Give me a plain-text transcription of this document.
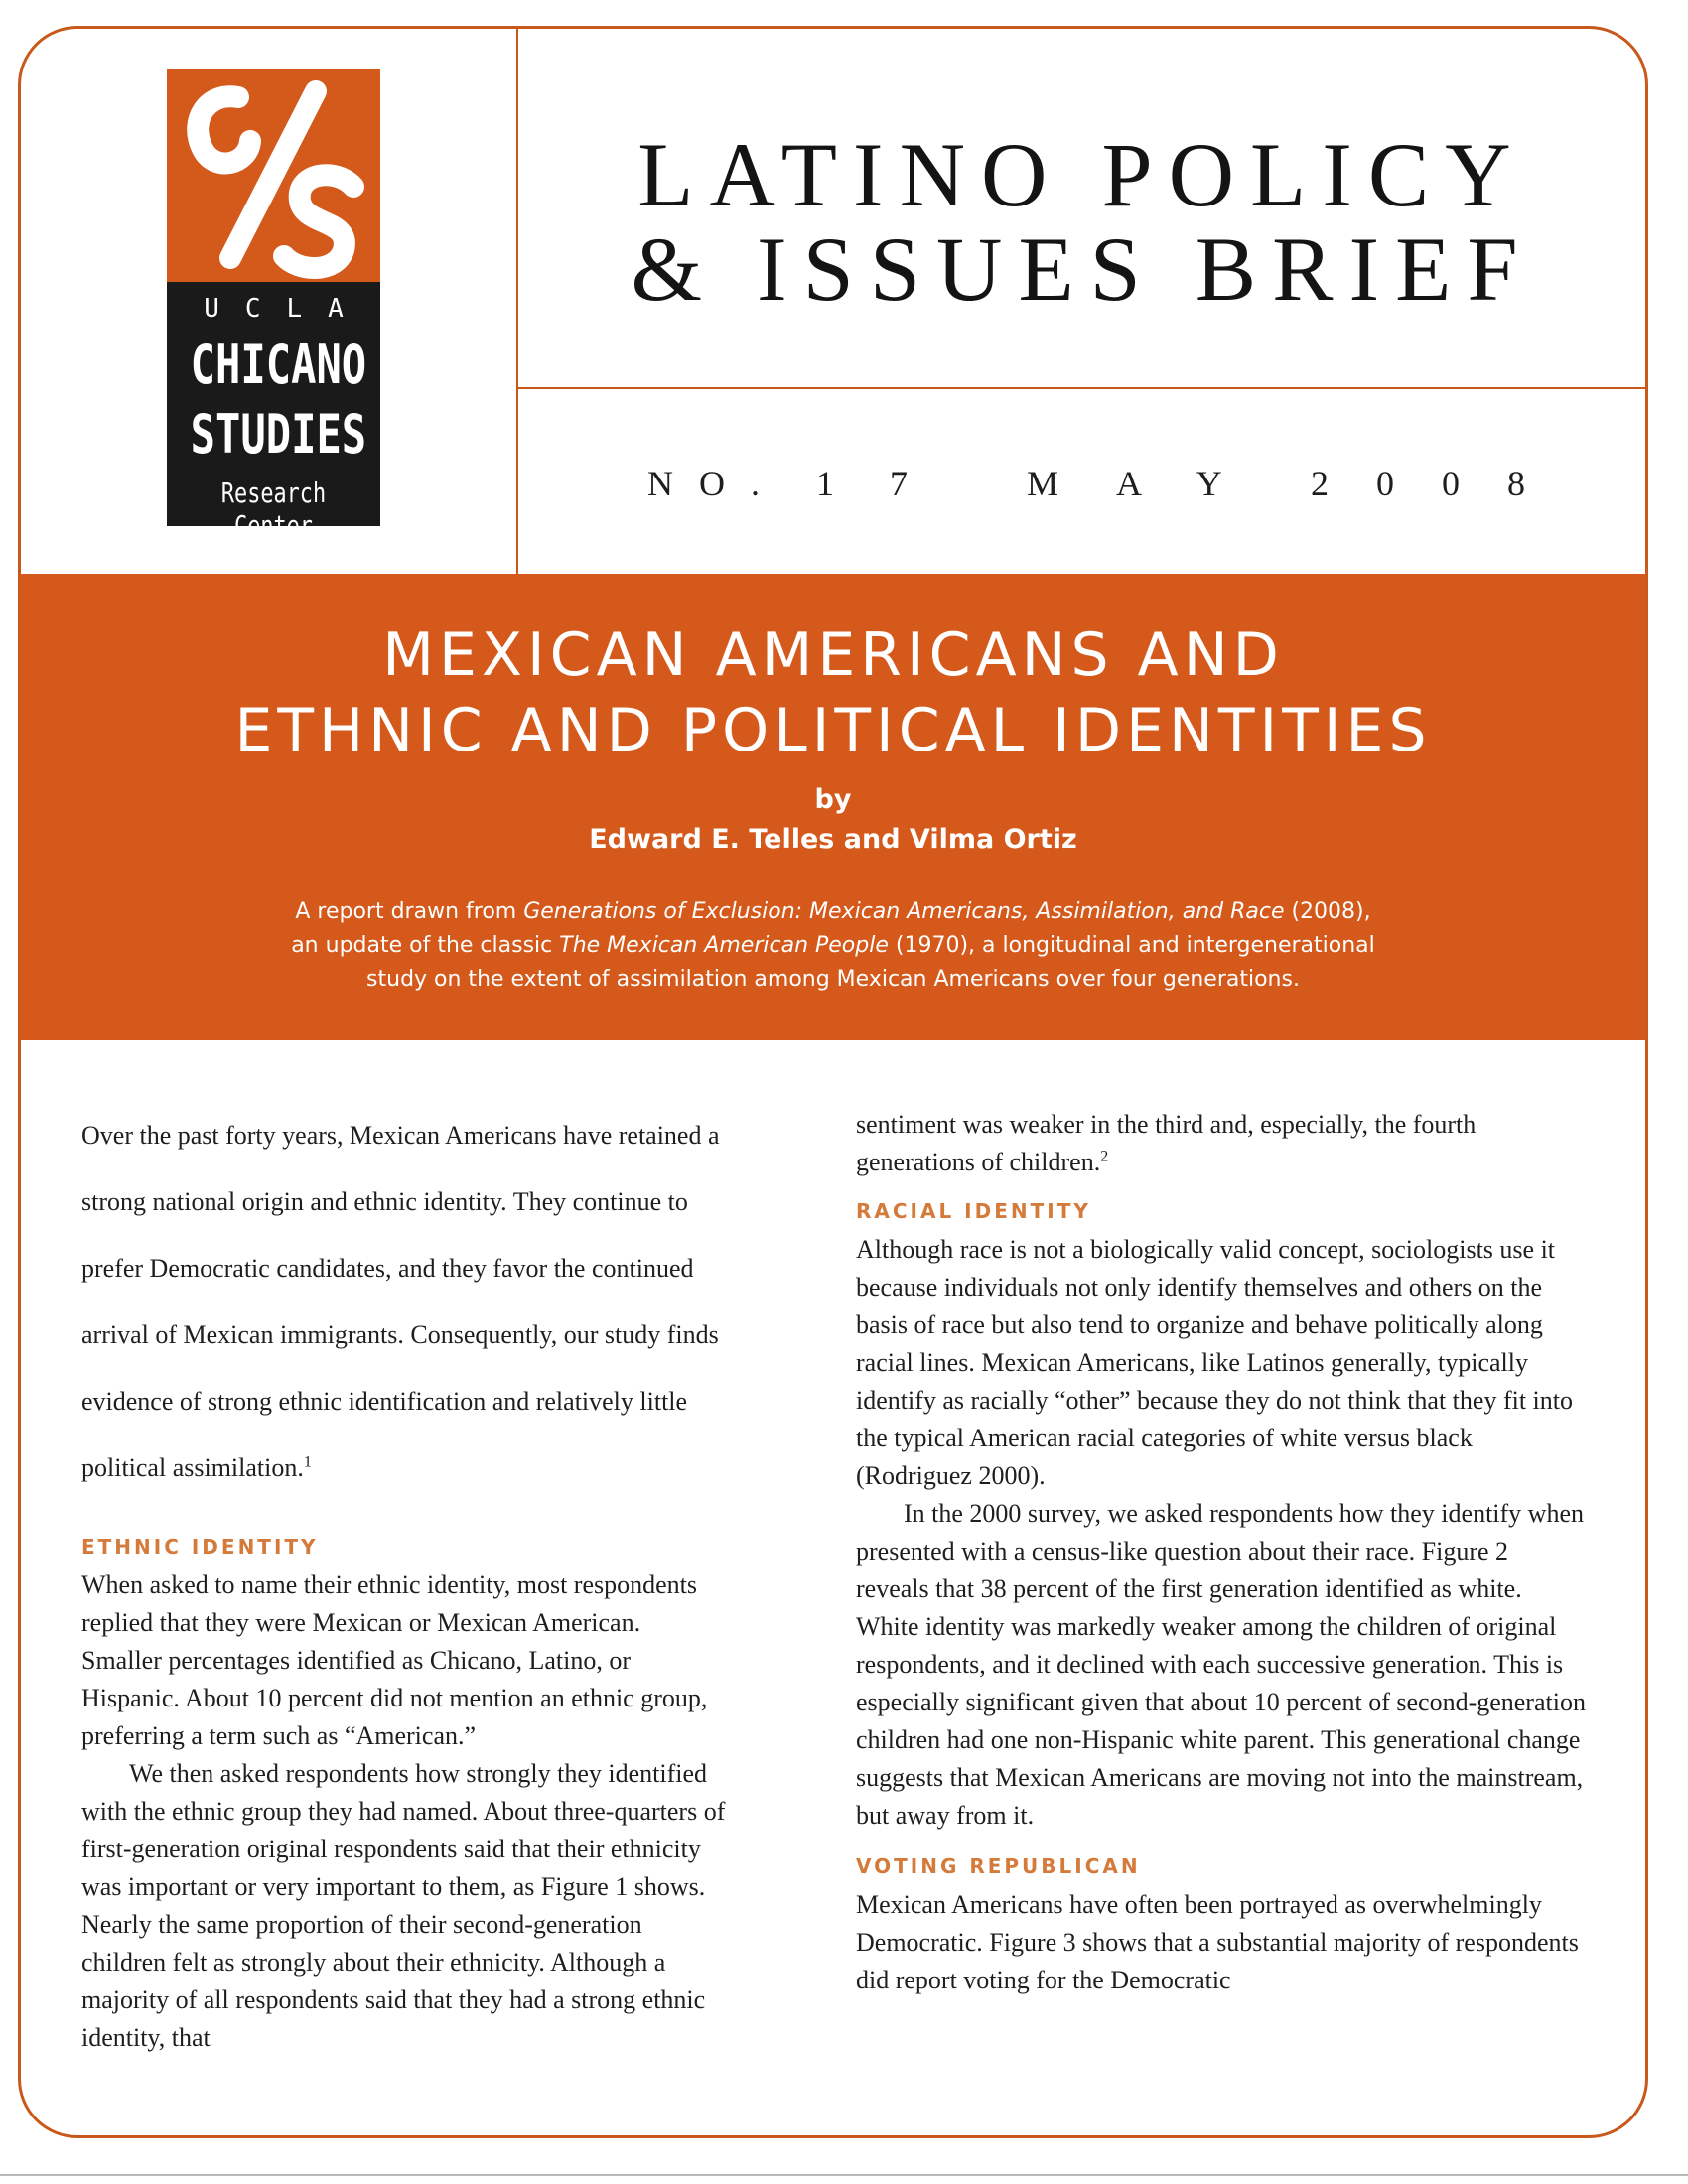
UCLA
CHICANO
STUDIES
Research Center
LATINO POLICY
& ISSUES BRIEF
NO. 17 MAY 2008
MEXICAN AMERICANS AND
ETHNIC AND POLITICAL IDENTITIES
by
Edward E. Telles and Vilma Ortiz
A report drawn from Generations of Exclusion: Mexican Americans, Assimilation, and Race (2008),
an update of the classic The Mexican American People (1970), a longitudinal and intergenerational
study on the extent of assimilation among Mexican Americans over four generations.

Over the past forty years, Mexican Americans have retained a strong national origin and ethnic identity. They continue to prefer Democratic candidates, and they favor the continued arrival of Mexican immigrants. Consequently, our study finds evidence of strong ethnic identification and relatively little political assimilation.$^1$

ETHNIC IDENTITY

When asked to name their ethnic identity, most respondents replied that they were Mexican or Mexican American. Smaller percentages identified as Chicano, Latino, or Hispanic. About 10 percent did not mention an ethnic group, preferring a term such as “American.”

We then asked respondents how strongly they identified with the ethnic group they had named. About three-quarters of first-generation original respondents said that their ethnicity was important or very important to them, as Figure 1 shows. Nearly the same proportion of their second-generation children felt as strongly about their ethnicity. Although a majority of all respondents said that they had a strong ethnic identity, that

sentiment was weaker in the third and, especially, the fourth generations of children.$^2$

RACIAL IDENTITY

Although race is not a biologically valid concept, sociologists use it because individuals not only identify themselves and others on the basis of race but also tend to organize and behave politically along racial lines. Mexican Americans, like Latinos generally, typically identify as racially “other” because they do not think that they fit into the typical American racial categories of white versus black (Rodriguez 2000).

In the 2000 survey, we asked respondents how they identify when presented with a census-like question about their race. Figure 2 reveals that 38 percent of the first generation identified as white. White identity was markedly weaker among the children of original respondents, and it declined with each successive generation. This is especially significant given that about 10 percent of second-generation children had one non-Hispanic white parent. This generational change suggests that Mexican Americans are moving not into the mainstream, but away from it.

VOTING REPUBLICAN

Mexican Americans have often been portrayed as overwhelmingly Democratic. Figure 3 shows that a substantial majority of respondents did report voting for the Democratic
